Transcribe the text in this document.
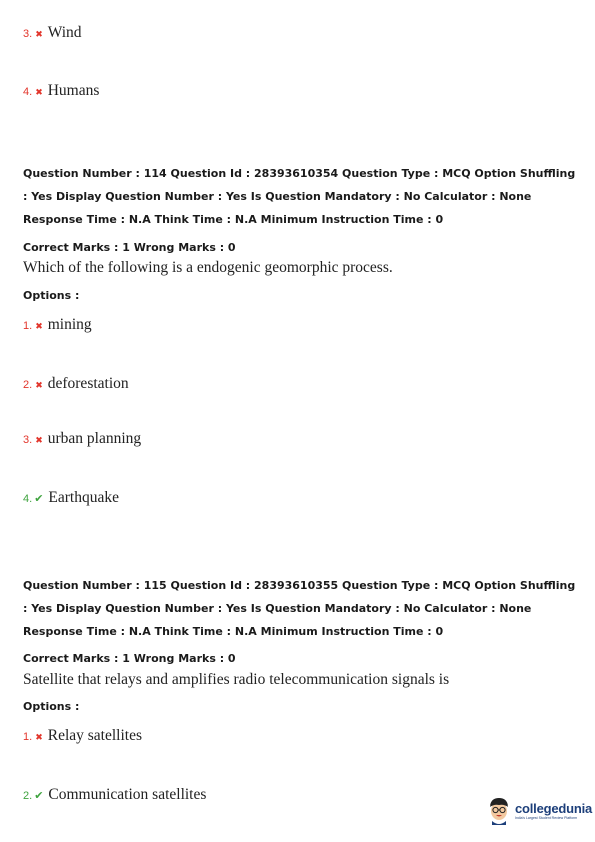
3. ✖ Wind
4. ✖ Humans
Question Number : 114 Question Id : 28393610354 Question Type : MCQ Option Shuffling : Yes Display Question Number : Yes Is Question Mandatory : No Calculator : None Response Time : N.A Think Time : N.A Minimum Instruction Time : 0
Correct Marks : 1 Wrong Marks : 0
Which of the following is a endogenic geomorphic process.
Options :
1. ✖ mining
2. ✖ deforestation
3. ✖ urban planning
4. ✔ Earthquake
Question Number : 115 Question Id : 28393610355 Question Type : MCQ Option Shuffling : Yes Display Question Number : Yes Is Question Mandatory : No Calculator : None Response Time : N.A Think Time : N.A Minimum Instruction Time : 0
Correct Marks : 1 Wrong Marks : 0
Satellite that relays and amplifies radio telecommunication signals is
Options :
1. ✖ Relay satellites
2. ✔ Communication satellites
collegedunia
India's Largest Student Review Platform
